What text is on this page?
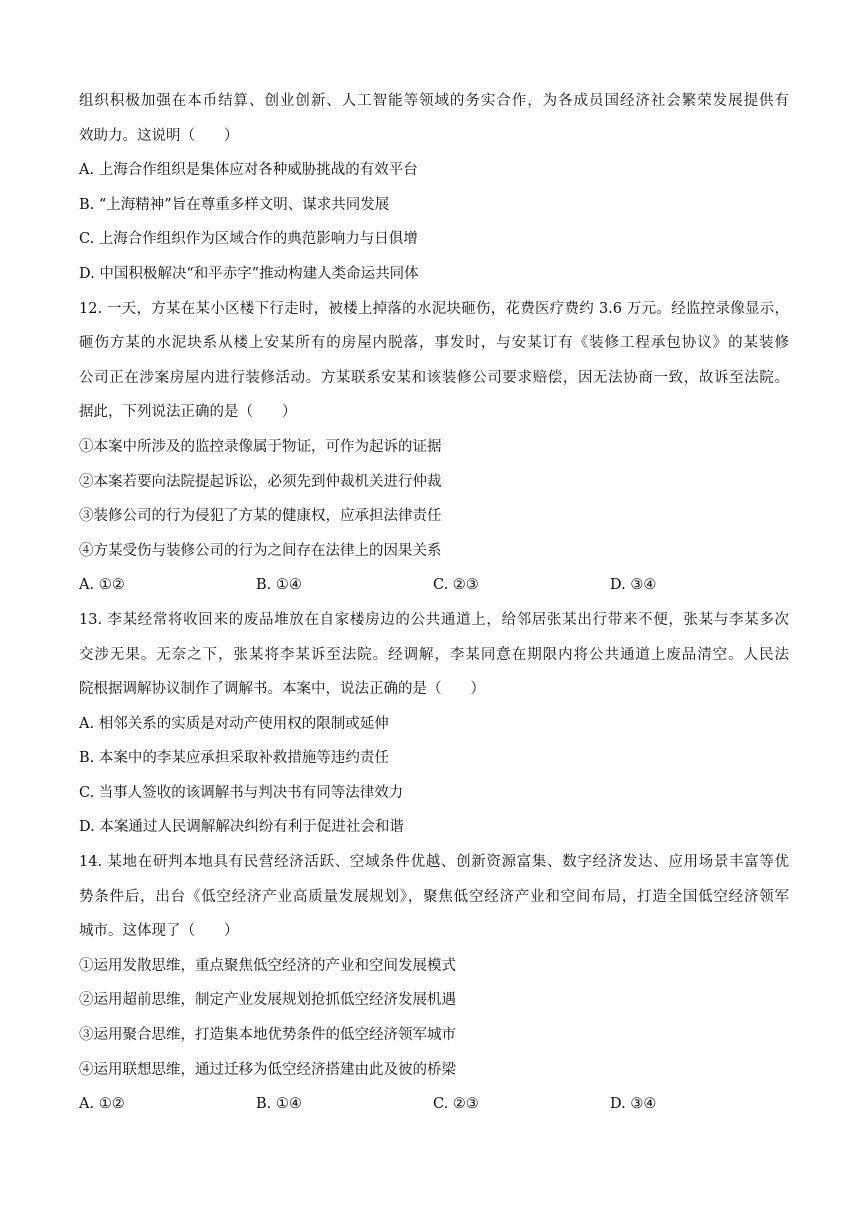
组织积极加强在本币结算、创业创新、人工智能等领域的务实合作，为各成员国经济社会繁荣发展提供有
效助力。这说明（　　）
A. 上海合作组织是集体应对各种威胁挑战的有效平台
B. “上海精神”旨在尊重多样文明、谋求共同发展
C. 上海合作组织作为区域合作的典范影响力与日俱增
D. 中国积极解决“和平赤字”推动构建人类命运共同体
12. 一天，方某在某小区楼下行走时，被楼上掉落的水泥块砸伤，花费医疗费约 3.6 万元。经监控录像显示，
砸伤方某的水泥块系从楼上安某所有的房屋内脱落，事发时，与安某订有《装修工程承包协议》的某装修
公司正在涉案房屋内进行装修活动。方某联系安某和该装修公司要求赔偿，因无法协商一致，故诉至法院。
据此，下列说法正确的是（　　）
①本案中所涉及的监控录像属于物证，可作为起诉的证据
②本案若要向法院提起诉讼，必须先到仲裁机关进行仲裁
③装修公司的行为侵犯了方某的健康权，应承担法律责任
④方某受伤与装修公司的行为之间存在法律上的因果关系
A. ①②	B. ①④	C. ②③	D. ③④
13. 李某经常将收回来的废品堆放在自家楼房边的公共通道上，给邻居张某出行带来不便，张某与李某多次
交涉无果。无奈之下，张某将李某诉至法院。经调解，李某同意在期限内将公共通道上废品清空。人民法
院根据调解协议制作了调解书。本案中，说法正确的是（　　）
A. 相邻关系的实质是对动产使用权的限制或延伸
B. 本案中的李某应承担采取补救措施等违约责任
C. 当事人签收的该调解书与判决书有同等法律效力
D. 本案通过人民调解解决纠纷有利于促进社会和谐
14. 某地在研判本地具有民营经济活跃、空域条件优越、创新资源富集、数字经济发达、应用场景丰富等优
势条件后，出台《低空经济产业高质量发展规划》，聚焦低空经济产业和空间布局，打造全国低空经济领军
城市。这体现了（　　）
①运用发散思维，重点聚焦低空经济的产业和空间发展模式
②运用超前思维，制定产业发展规划抢抓低空经济发展机遇
③运用聚合思维，打造集本地优势条件的低空经济领军城市
④运用联想思维，通过迁移为低空经济搭建由此及彼的桥梁
A. ①②	B. ①④	C. ②③	D. ③④
